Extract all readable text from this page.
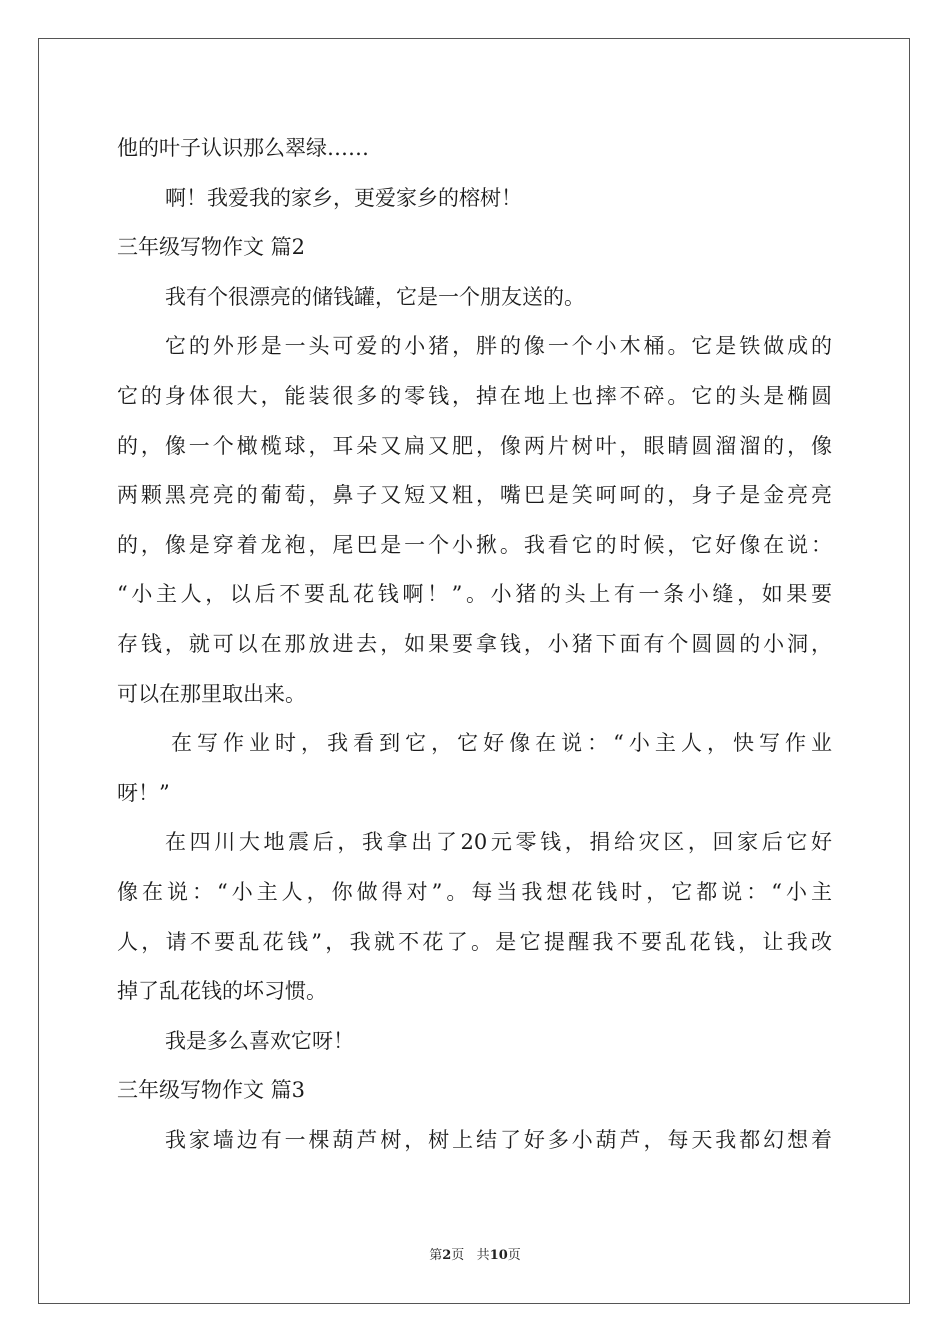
他的叶子认识那么翠绿……
啊！我爱我的家乡，更爱家乡的榕树！
三年级写物作文 篇2
我有个很漂亮的储钱罐，它是一个朋友送的。
它的外形是一头可爱的小猪，胖的像一个小木桶。它是铁做成的
它的身体很大，能装很多的零钱，掉在地上也摔不碎。它的头是椭圆
的，像一个橄榄球，耳朵又扁又肥，像两片树叶，眼睛圆溜溜的，像
两颗黑亮亮的葡萄，鼻子又短又粗，嘴巴是笑呵呵的，身子是金亮亮
的，像是穿着龙袍，尾巴是一个小揪。我看它的时候，它好像在说：
“小主人，以后不要乱花钱啊！”。小猪的头上有一条小缝，如果要
存钱，就可以在那放进去，如果要拿钱，小猪下面有个圆圆的小洞，
可以在那里取出来。
在写作业时，我看到它，它好像在说：“小主人，快写作业
呀！”
在四川大地震后，我拿出了20元零钱，捐给灾区，回家后它好
像在说：“小主人，你做得对”。每当我想花钱时，它都说：“小主
人，请不要乱花钱”，我就不花了。是它提醒我不要乱花钱，让我改
掉了乱花钱的坏习惯。
我是多么喜欢它呀！
三年级写物作文 篇3
我家墙边有一棵葫芦树，树上结了好多小葫芦，每天我都幻想着
第2页 共10页
